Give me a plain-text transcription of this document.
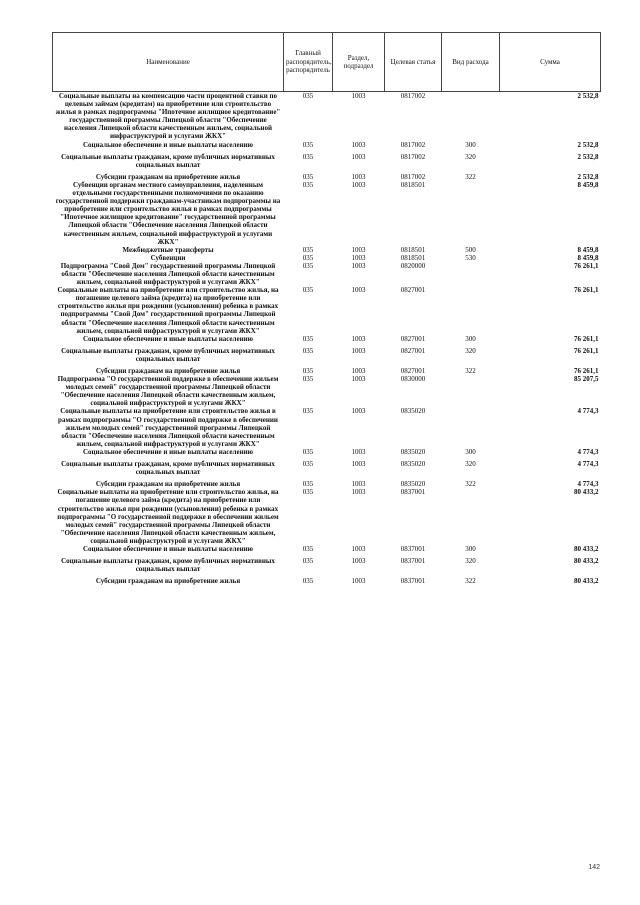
Наименование	Главный распорядитель, распорядитель	Раздел, подраздел	Целевая статья	Вид расхода	Сумма
Социальные выплаты на компенсацию части процентной ставки по целевым займам (кредитам) на приобретение или строительство жилья в рамках подпрограммы "Ипотечное жилищное кредитование" государственной программы Липецкой области "Обеспечение населения Липецкой области качественным жильем, социальной инфраструктурой и услугами ЖКХ"	035	1003	0817002		2 532,8
Социальное обеспечение и иные выплаты населению	035	1003	0817002	300	2 532,8
Социальные выплаты гражданам, кроме публичных нормативных социальных выплат	035	1003	0817002	320	2 532,8
Субсидии гражданам на приобретение жилья	035	1003	0817002	322	2 532,8
Субвенции органам местного самоуправления, наделенным отдельными государственными полномочиями по оказанию государственной поддержки гражданам-участникам подпрограммы на приобретение или строительство жилья в рамках подпрограммы "Ипотечное жилищное кредитование" государственной программы Липецкой области "Обеспечение населения Липецкой области качественным жильем, социальной инфраструктурой и услугами ЖКХ"	035	1003	0818501		8 459,8
Межбюджетные трансферты	035	1003	0818501	500	8 459,8
Субвенции	035	1003	0818501	530	8 459,8
Подпрограмма "Свой Дом" государственной программы Липецкой области "Обеспечение населения Липецкой области качественным жильем, социальной инфраструктурой и услугами ЖКХ"	035	1003	0820000		76 261,1
Социальные выплаты на приобретение или строительство жилья, на погашение целевого займа (кредита) на приобретение или строительство жилья при рождении (усыновлении) ребенка в рамках подпрограммы "Свой Дом" государственной программы Липецкой области "Обеспечение населения Липецкой области качественным жильем, социальной инфраструктурой и услугами ЖКХ"	035	1003	0827001		76 261,1
Социальное обеспечение и иные выплаты населению	035	1003	0827001	300	76 261,1
Социальные выплаты гражданам, кроме публичных нормативных социальных выплат	035	1003	0827001	320	76 261,1
Субсидии гражданам на приобретение жилья	035	1003	0827001	322	76 261,1
Подпрограмма "О государственной поддержке в обеспечении жильем молодых семей" государственной программы Липецкой области "Обеспечение населения Липецкой области качественным жильем, социальной инфраструктурой и услугами ЖКХ"	035	1003	0830000		85 207,5
Социальные выплаты на приобретение или строительство жилья в рамках подпрограммы "О государственной поддержке в обеспечении жильем молодых семей" государственной программы Липецкой области "Обеспечение населения Липецкой области качественным жильем, социальной инфраструктурой и услугами ЖКХ"	035	1003	0835020		4 774,3
Социальное обеспечение и иные выплаты населению	035	1003	0835020	300	4 774,3
Социальные выплаты гражданам, кроме публичных нормативных социальных выплат	035	1003	0835020	320	4 774,3
Субсидии гражданам на приобретение жилья	035	1003	0835020	322	4 774,3
Социальные выплаты на приобретение или строительство жилья, на погашение целевого займа (кредита) на приобретение или строительство жилья при рождении (усыновлении) ребенка в рамках подпрограммы "О государственной поддержке в обеспечении жильем молодых семей" государственной программы Липецкой области "Обеспечение населения Липецкой области качественным жильем, социальной инфраструктурой и услугами ЖКХ"	035	1003	0837001		80 433,2
Социальное обеспечение и иные выплаты населению	035	1003	0837001	300	80 433,2
Социальные выплаты гражданам, кроме публичных нормативных социальных выплат	035	1003	0837001	320	80 433,2
Субсидии гражданам на приобретение жилья	035	1003	0837001	322	80 433,2
142
